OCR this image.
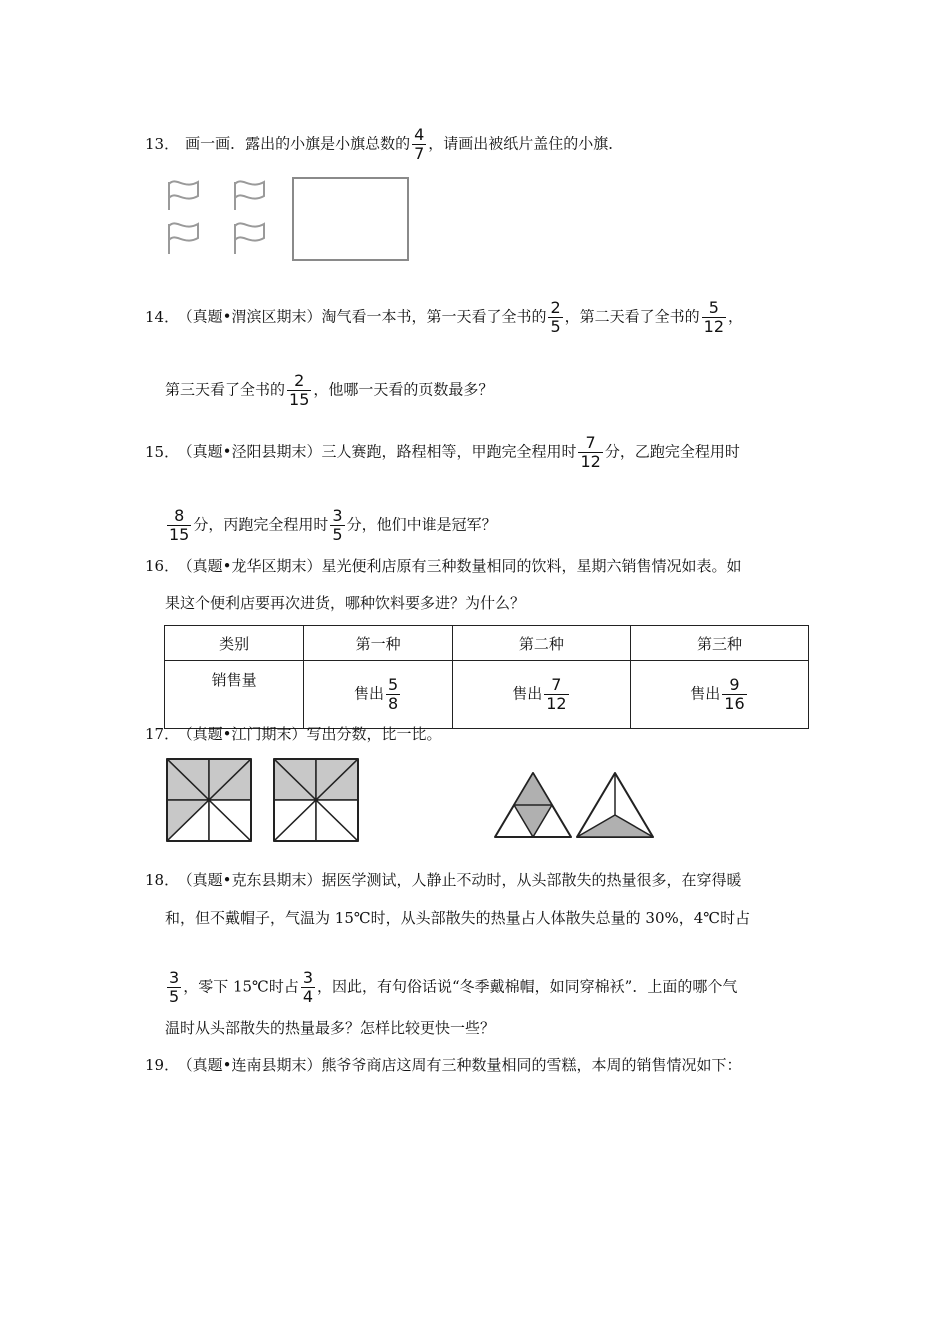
13． 画一画．露出的小旗是小旗总数的 $\frac{4}{7}$ ，请画出被纸片盖住的小旗．
14． （真题•渭滨区期末）淘气看一本书，第一天看了全书的 $\frac{2}{5}$ ，第二天看了全书的 $\frac{5}{12}$ ，
第三天看了全书的 $\frac{2}{15}$ ，他哪一天看的页数最多？
15． （真题•泾阳县期末）三人赛跑，路程相等，甲跑完全程用时 $\frac{7}{12}$ 分，乙跑完全程用时
$\frac{8}{15}$ 分，丙跑完全程用时 $\frac{3}{5}$ 分，他们中谁是冠军？
16． （真题•龙华区期末）星光便利店原有三种数量相同的饮料，星期六销售情况如表。如
果这个便利店要再次进货，哪种饮料要多进？为什么？
类别	第一种	第二种	第三种
销售量	售出 $\frac{5}{8}$	售出 $\frac{7}{12}$	售出 $\frac{9}{16}$
17． （真题•江门期末）写出分数，比一比。
18． （真题•克东县期末）据医学测试，人静止不动时，从头部散失的热量很多，在穿得暖
和，但不戴帽子，气温为 15℃时，从头部散失的热量占人体散失总量的 30%，4℃时占
$\frac{3}{5}$ ，零下 15℃时占 $\frac{3}{4}$ ，因此，有句俗话说“冬季戴棉帽，如同穿棉袄”．上面的哪个气
温时从头部散失的热量最多？怎样比较更快一些？
19． （真题•连南县期末）熊爷爷商店这周有三种数量相同的雪糕，本周的销售情况如下：
